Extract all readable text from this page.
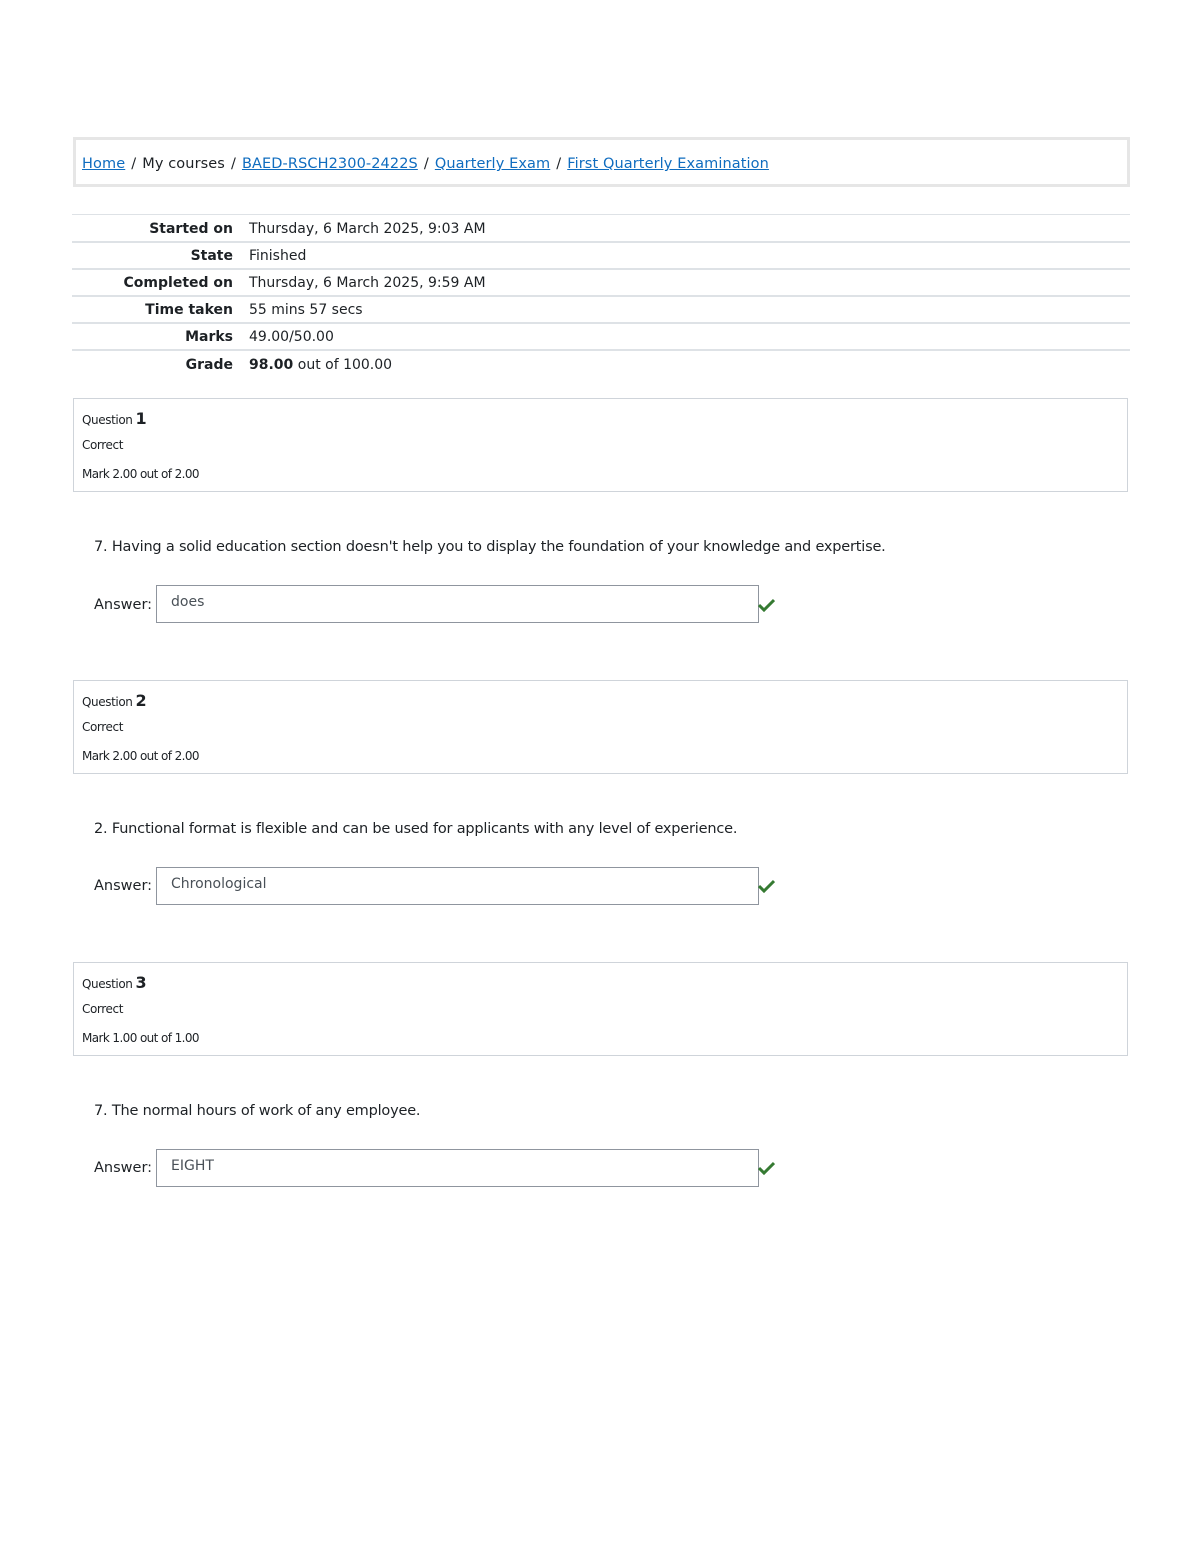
Home / My courses / BAED-RSCH2300-2422S / Quarterly Exam / First Quarterly Examination
Started on	Thursday, 6 March 2025, 9:03 AM
State	Finished
Completed on	Thursday, 6 March 2025, 9:59 AM
Time taken	55 mins 57 secs
Marks	49.00/50.00
Grade	98.00 out of 100.00
Question 1
Correct
Mark 2.00 out of 2.00
7. Having a solid education section doesn't help you to display the foundation of your knowledge and expertise.
Answer:	does
Question 2
Correct
Mark 2.00 out of 2.00
2. Functional format is flexible and can be used for applicants with any level of experience.
Answer:	Chronological
Question 3
Correct
Mark 1.00 out of 1.00
7. The normal hours of work of any employee.
Answer:	EIGHT
